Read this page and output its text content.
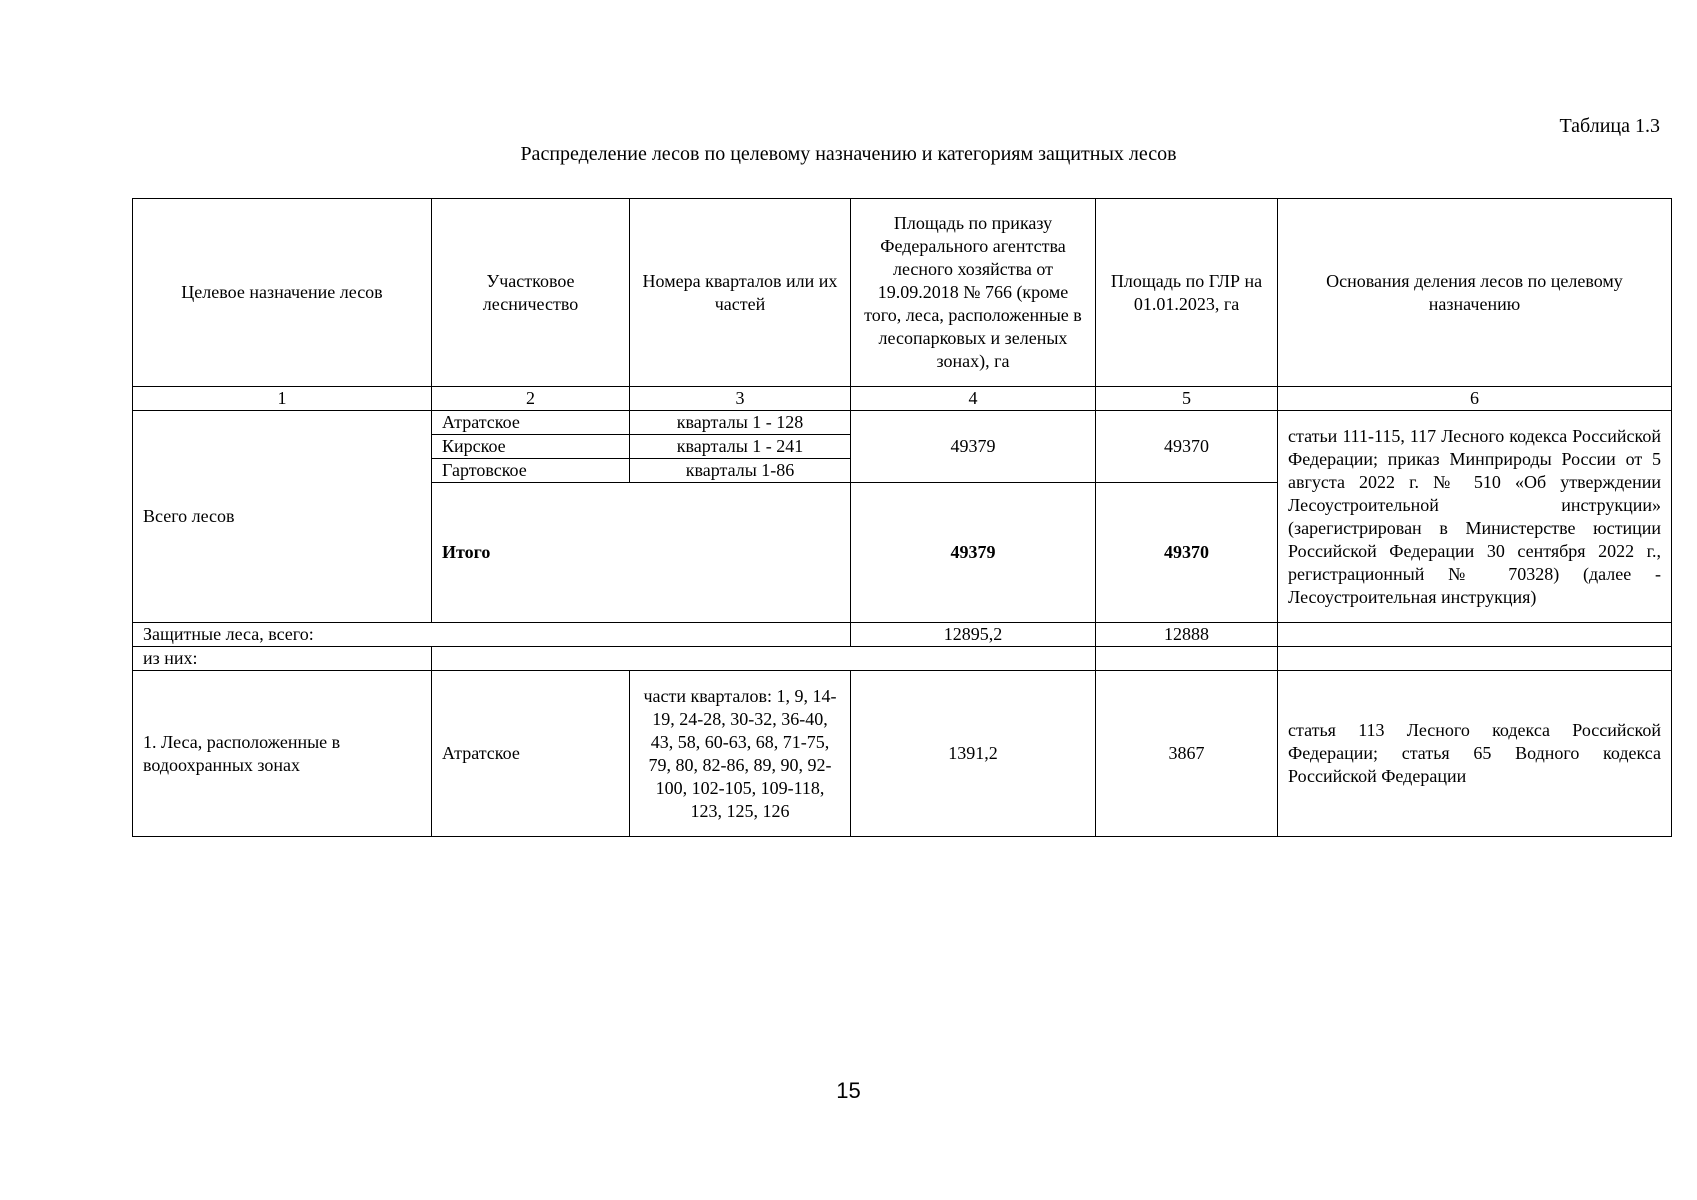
Таблица 1.3
Распределение лесов по целевому назначению и категориям защитных лесов
Целевое назначение лесов	Участковое лесничество	Номера кварталов или их частей	Площадь по приказу Федерального агентства лесного хозяйства от 19.09.2018 № 766 (кроме того, леса, расположенные в лесопарковых и зеленых зонах), га	Площадь по ГЛР на 01.01.2023, га	Основания деления лесов по целевому назначению
1	2	3	4	5	6
Всего лесов	Атратское	кварталы 1 - 128	49379	49370	статьи 111-115, 117 Лесного кодекса Российской Федерации; приказ Минприроды России от 5 августа 2022 г. № 510 «Об утверждении Лесоустроительной инструкции» (зарегистрирован в Министерстве юстиции Российской Федерации 30 сентября 2022 г., регистрационный № 70328) (далее - Лесоустроительная инструкция)
	Кирское	кварталы 1 - 241			
	Гартовское	кварталы 1-86			
	Итого		49379	49370	
Защитные леса, всего:			12895,2	12888	
из них:					
1. Леса, расположенные в водоохранных зонах	Атратское	части кварталов: 1, 9, 14-19, 24-28, 30-32, 36-40, 43, 58, 60-63, 68, 71-75, 79, 80, 82-86, 89, 90, 92-100, 102-105, 109-118, 123, 125, 126	1391,2	3867	статья 113 Лесного кодекса Российской Федерации; статья 65 Водного кодекса Российской Федерации
15
